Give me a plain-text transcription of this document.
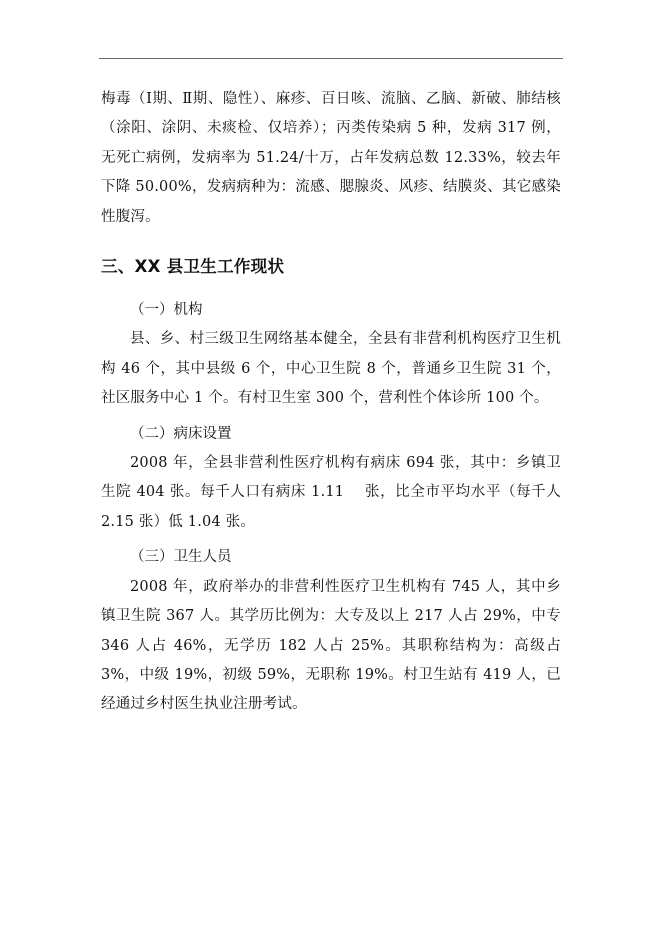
梅毒（Ⅰ期、Ⅱ期、隐性）、麻疹、百日咳、流脑、乙脑、新破、肺结核（涂阳、涂阴、未痰检、仅培养）；丙类传染病 5 种，发病 317 例，无死亡病例，发病率为 51.24/十万，占年发病总数 12.33%，较去年下降 50.00%，发病病种为：流感、腮腺炎、风疹、结膜炎、其它感染性腹泻。

三、XX 县卫生工作现状
（一）机构

县、乡、村三级卫生网络基本健全，全县有非营利机构医疗卫生机构 46 个，其中县级 6 个，中心卫生院 8 个，普通乡卫生院 31 个，社区服务中心 1 个。有村卫生室 300 个，营利性个体诊所 100 个。

（二）病床设置

2008 年，全县非营利性医疗机构有病床 694 张，其中：乡镇卫生院 404 张。每千人口有病床 1.11　 张，比全市平均水平（每千人 2.15 张）低 1.04 张。

（三）卫生人员

2008 年，政府举办的非营利性医疗卫生机构有 745 人，其中乡镇卫生院 367 人。其学历比例为：大专及以上 217 人占 29%，中专 346 人占 46%，无学历 182 人占 25%。其职称结构为：高级占 3%，中级 19%，初级 59%，无职称 19%。村卫生站有 419 人，已经通过乡村医生执业注册考试。
